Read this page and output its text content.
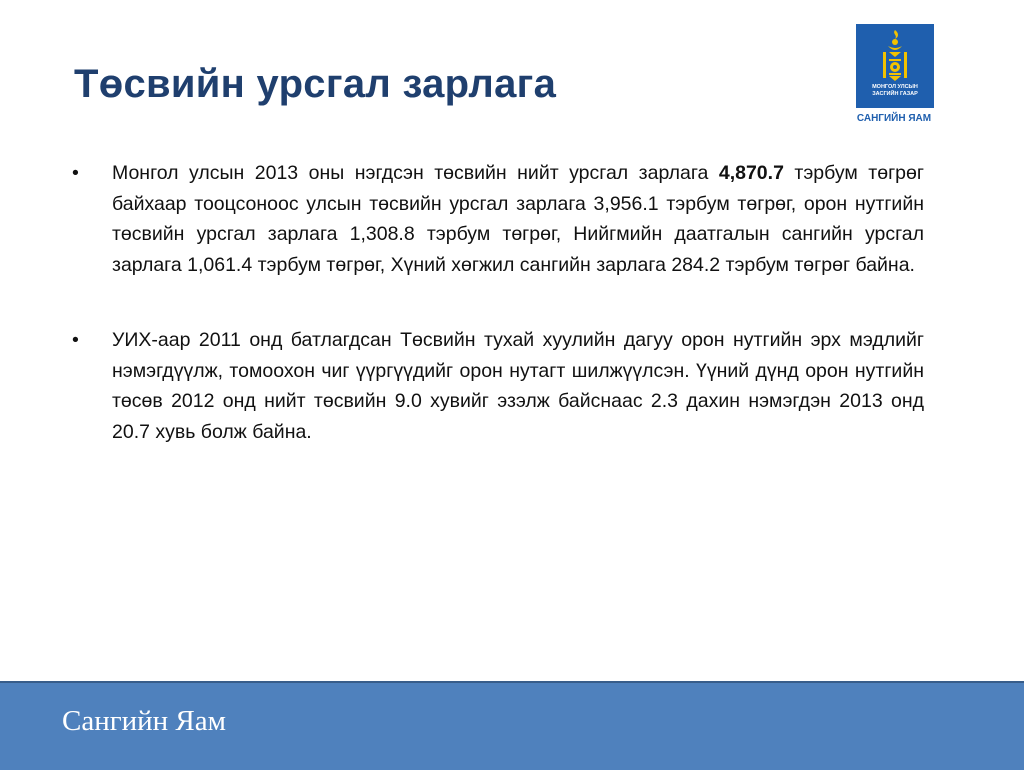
Төсвийн урсгал зарлага	МОНГОЛ УЛСЫН
ЗАСГИЙН ГАЗАР
САНГИЙН ЯАМ
•	Монгол улсын 2013 оны нэгдсэн төсвийн нийт урсгал зарлага 4,870.7 тэрбум төгрөг байхаар тооцсоноос улсын төсвийн урсгал зарлага 3,956.1 тэрбум төгрөг, орон нутгийн төсвийн урсгал зарлага 1,308.8 тэрбум төгрөг, Нийгмийн даатгалын сангийн урсгал зарлага 1,061.4 тэрбум төгрөг, Хүний хөгжил сангийн зарлага 284.2 тэрбум төгрөг байна.
•	УИХ-аар 2011 онд батлагдсан Төсвийн тухай хуулийн дагуу орон нутгийн эрх мэдлийг нэмэгдүүлж, томоохон чиг үүргүүдийг орон нутагт шилжүүлсэн. Үүний дүнд орон нутгийн төсөв 2012 онд нийт төсвийн 9.0 хувийг эзэлж байснаас 2.3 дахин нэмэгдэн 2013 онд 20.7 хувь болж байна.
Сангийн Яам
